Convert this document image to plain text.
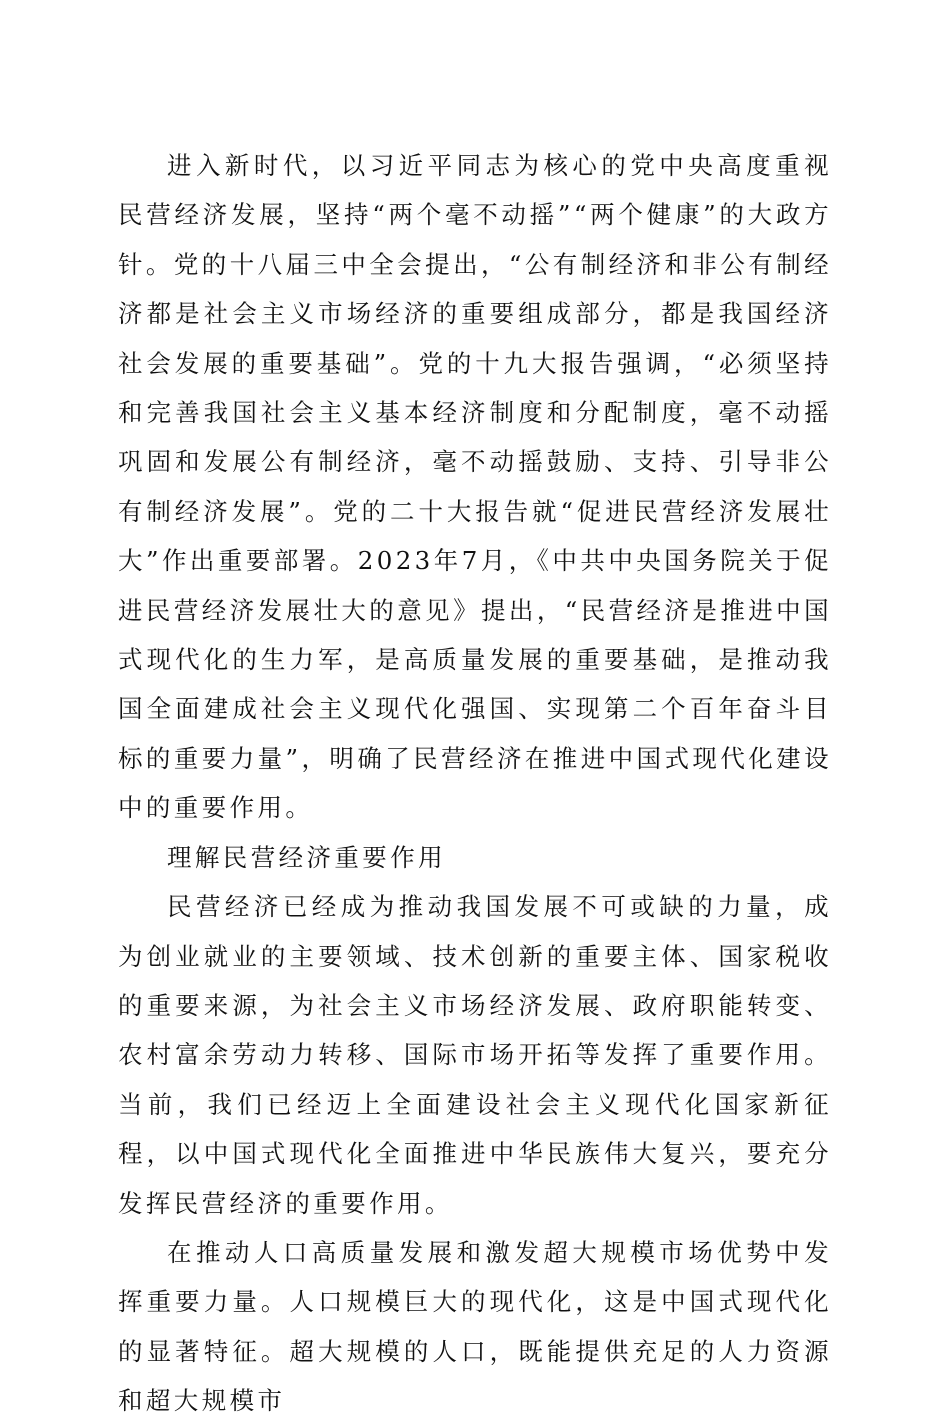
进入新时代，以习近平同志为核心的党中央高度重视民营经济发展，坚持“两个毫不动摇”“两个健康”的大政方针。党的十八届三中全会提出，“公有制经济和非公有制经济都是社会主义市场经济的重要组成部分，都是我国经济社会发展的重要基础”。党的十九大报告强调，“必须坚持和完善我国社会主义基本经济制度和分配制度，毫不动摇巩固和发展公有制经济，毫不动摇鼓励、支持、引导非公有制经济发展”。党的二十大报告就“促进民营经济发展壮大”作出重要部署。2023年7月，《中共中央国务院关于促进民营经济发展壮大的意见》提出，“民营经济是推进中国式现代化的生力军，是高质量发展的重要基础，是推动我国全面建成社会主义现代化强国、实现第二个百年奋斗目标的重要力量”，明确了民营经济在推进中国式现代化建设中的重要作用。

理解民营经济重要作用

民营经济已经成为推动我国发展不可或缺的力量，成为创业就业的主要领域、技术创新的重要主体、国家税收的重要来源，为社会主义市场经济发展、政府职能转变、农村富余劳动力转移、国际市场开拓等发挥了重要作用。当前，我们已经迈上全面建设社会主义现代化国家新征程，以中国式现代化全面推进中华民族伟大复兴，要充分发挥民营经济的重要作用。

在推动人口高质量发展和激发超大规模市场优势中发挥重要力量。人口规模巨大的现代化，这是中国式现代化的显著特征。超大规模的人口，既能提供充足的人力资源和超大规模市
